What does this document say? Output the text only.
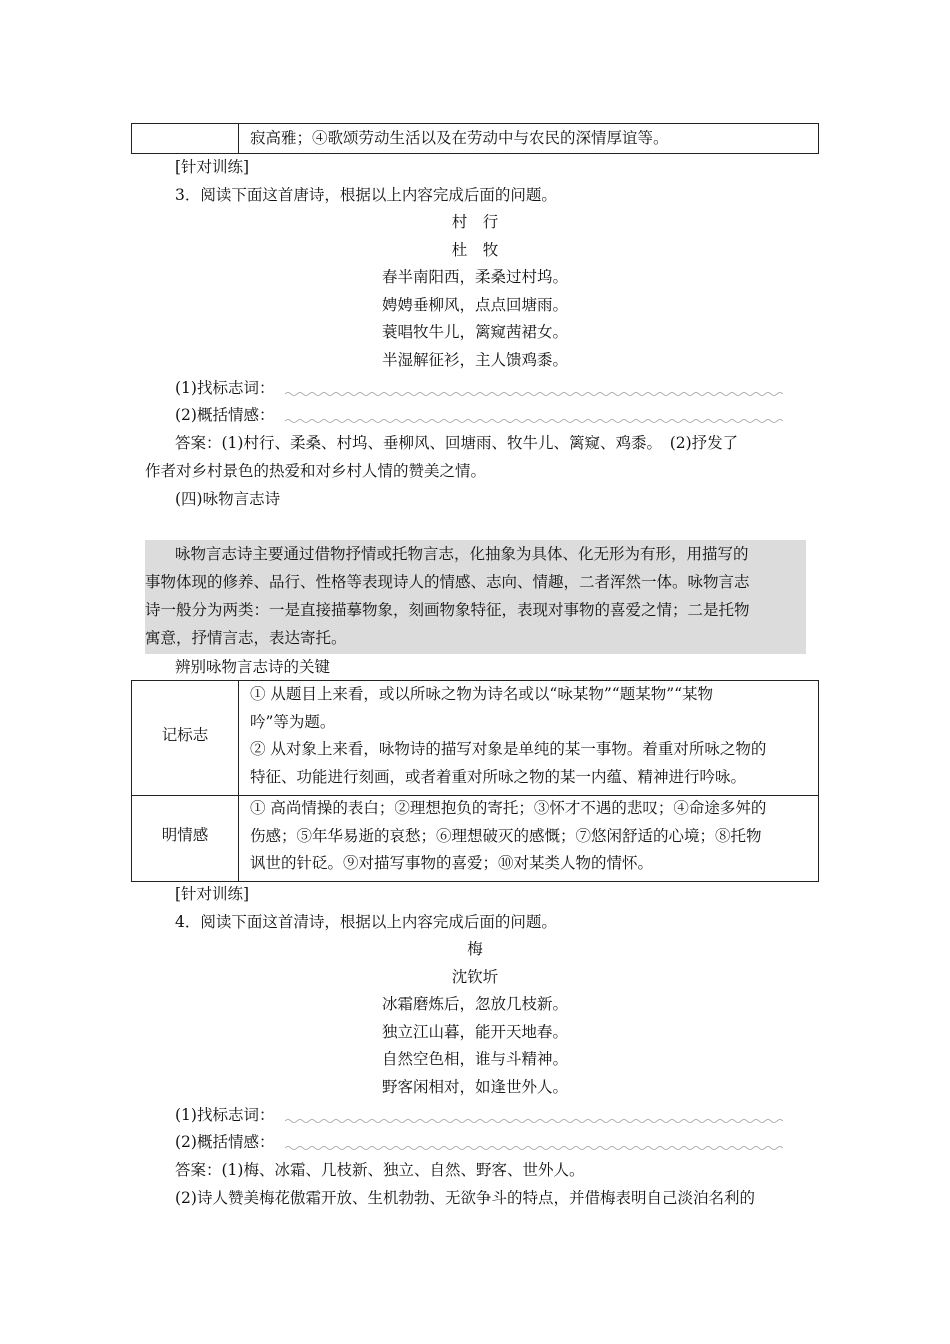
寂高雅；④歌颂劳动生活以及在劳动中与农民的深情厚谊等。
[针对训练]
3．阅读下面这首唐诗，根据以上内容完成后面的问题。
村　行
杜　牧
春半南阳西，柔桑过村坞。
娉娉垂柳风，点点回塘雨。
蓑唱牧牛儿，篱窥茜裙女。
半湿解征衫，主人馈鸡黍。
(1)找标志词：
(2)概括情感：
答案：(1)村行、柔桑、村坞、垂柳风、回塘雨、牧牛儿、篱窥、鸡黍。　(2)抒发了
作者对乡村景色的热爱和对乡村人情的赞美之情。
(四)咏物言志诗
咏物言志诗主要通过借物抒情或托物言志，化抽象为具体、化无形为有形，用描写的
事物体现的修养、品行、性格等表现诗人的情感、志向、情趣，二者浑然一体。咏物言志
诗一般分为两类：一是直接描摹物象，刻画物象特征，表现对事物的喜爱之情；二是托物
寓意，抒情言志，表达寄托。
辨别咏物言志诗的关键
记标志
① 从题目上来看，或以所咏之物为诗名或以“咏某物”“题某物”“某物
吟”等为题。
② 从对象上来看，咏物诗的描写对象是单纯的某一事物。着重对所咏之物的
特征、功能进行刻画，或者着重对所咏之物的某一内蕴、精神进行吟咏。
明情感
① 高尚情操的表白；②理想抱负的寄托；③怀才不遇的悲叹；④命途多舛的
伤感；⑤年华易逝的哀愁；⑥理想破灭的感慨；⑦悠闲舒适的心境；⑧托物
讽世的针砭。⑨对描写事物的喜爱；⑩对某类人物的情怀。
[针对训练]
4．阅读下面这首清诗，根据以上内容完成后面的问题。
梅
沈钦圻
冰霜磨炼后，忽放几枝新。
独立江山暮，能开天地春。
自然空色相，谁与斗精神。
野客闲相对，如逢世外人。
(1)找标志词：
(2)概括情感：
答案：(1)梅、冰霜、几枝新、独立、自然、野客、世外人。
(2)诗人赞美梅花傲霜开放、生机勃勃、无欲争斗的特点，并借梅表明自己淡泊名利的
